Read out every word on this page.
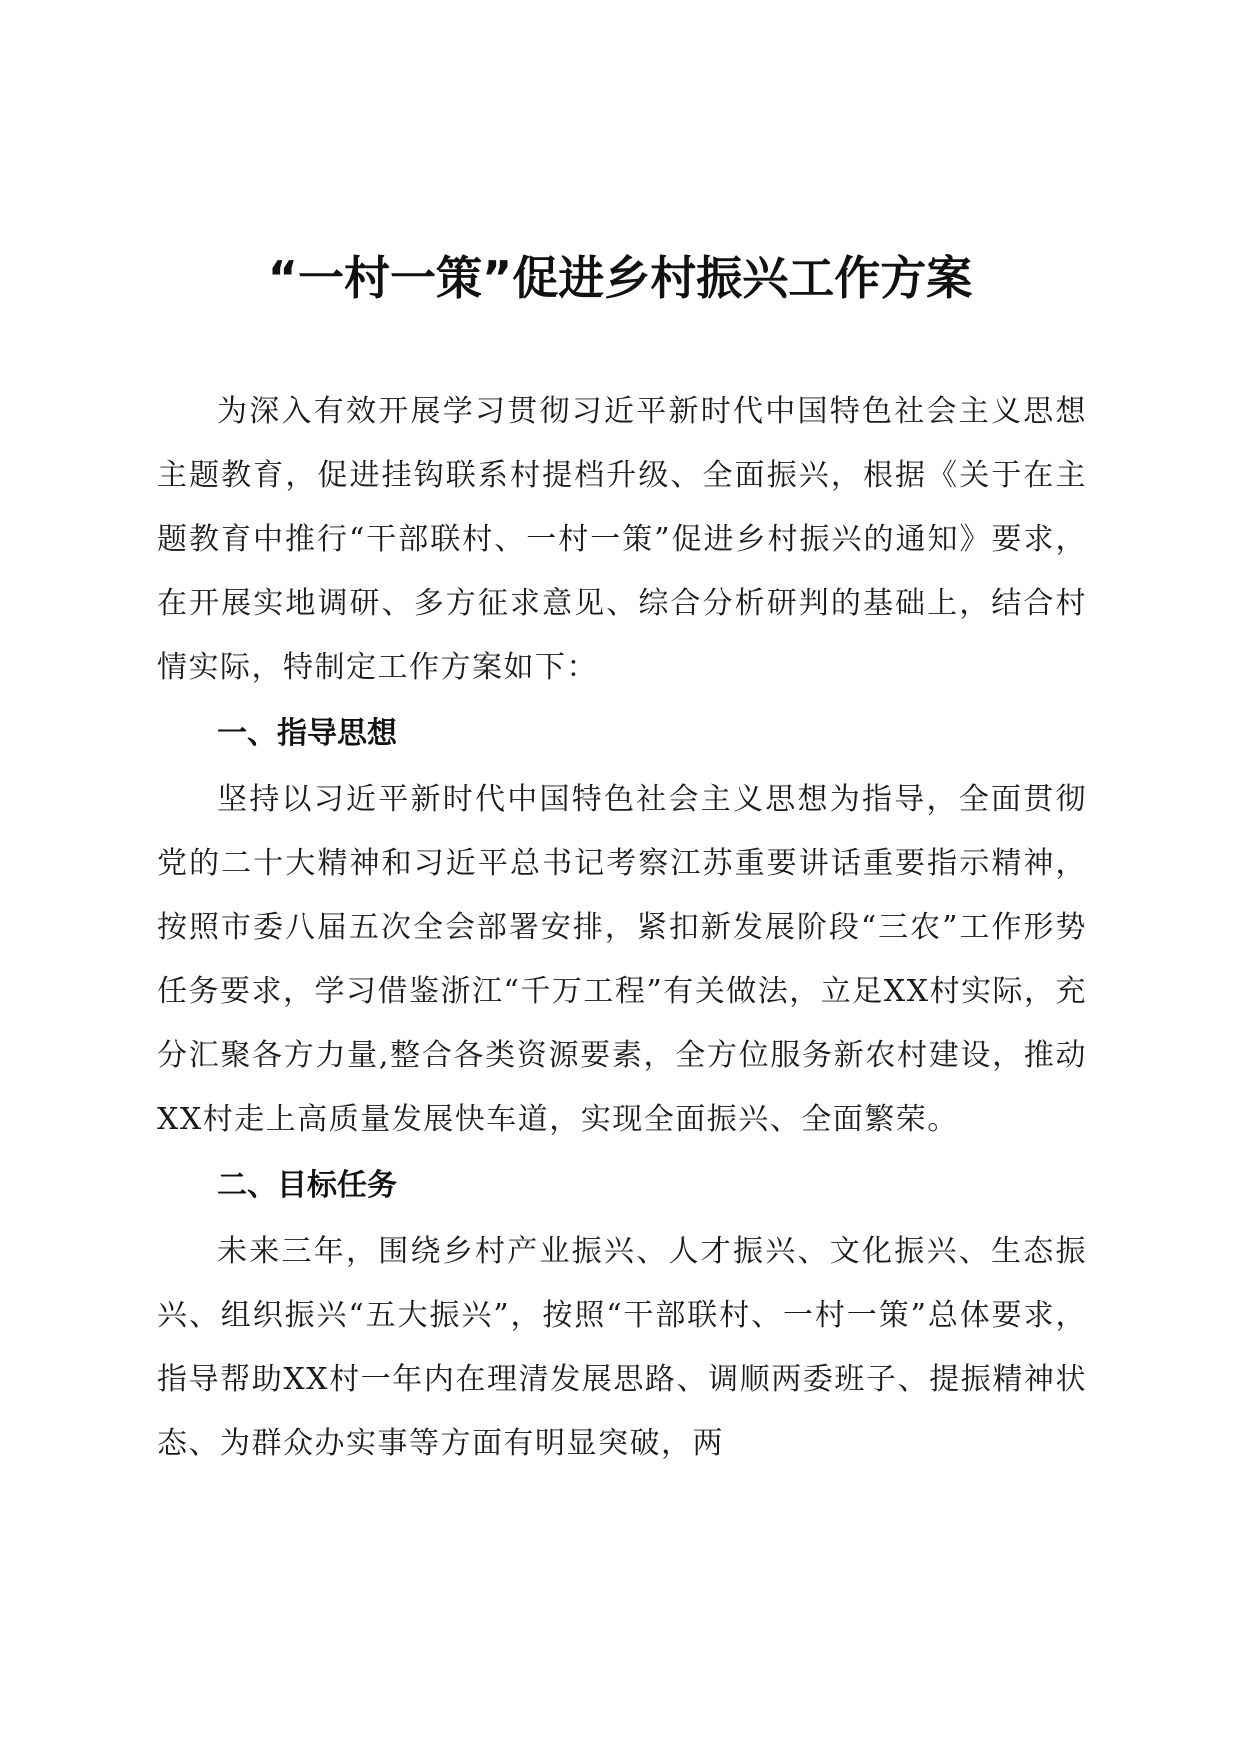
“一村一策”促进乡村振兴工作方案

为深入有效开展学习贯彻习近平新时代中国特色社会主义思想主题教育，促进挂钩联系村提档升级、全面振兴，根据《关于在主题教育中推行“干部联村、一村一策”促进乡村振兴的通知》要求，在开展实地调研、多方征求意见、综合分析研判的基础上，结合村情实际，特制定工作方案如下：

一、指导思想

坚持以习近平新时代中国特色社会主义思想为指导，全面贯彻党的二十大精神和习近平总书记考察江苏重要讲话重要指示精神，按照市委八届五次全会部署安排，紧扣新发展阶段“三农”工作形势任务要求，学习借鉴浙江“千万工程”有关做法，立足XX村实际，充分汇聚各方力量,整合各类资源要素，全方位服务新农村建设，推动XX村走上高质量发展快车道，实现全面振兴、全面繁荣。

二、目标任务

未来三年，围绕乡村产业振兴、人才振兴、文化振兴、生态振兴、组织振兴“五大振兴”，按照“干部联村、一村一策”总体要求，指导帮助XX村一年内在理清发展思路、调顺两委班子、提振精神状态、为群众办实事等方面有明显突破，两
